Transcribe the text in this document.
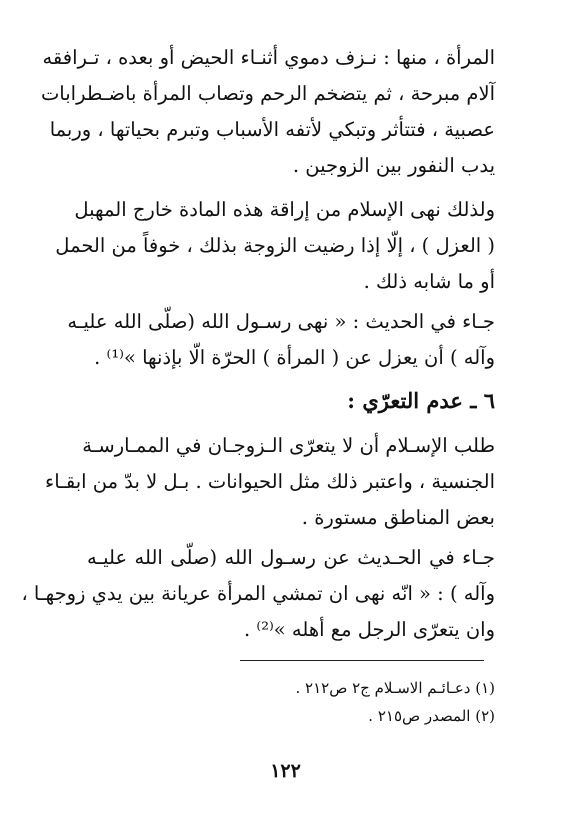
المرأة ، منها : نـزف دموي أثنـاء الحيض أو بعده ، تـرافقه
آلام مبرحة ، ثم يتضخم الرحم وتصاب المرأة باضـطرابات
عصبية ، فتتأثر وتبكي لأتفه الأسباب وتبرم بحياتها ، وربما
يدب النفور بين الزوجين .

ولذلك نهى الإسلام من إراقة هذه المادة خارج المهبل
( العزل ) ، إلّا إذا رضيت الزوجة بذلك ، خوفاً من الحمل
أو ما شابه ذلك .

جـاء في الحديث : « نهى رسـول الله (صلّى الله عليـه
وآله ) أن يعزل عن ( المرأة ) الحرّة الّا بإذنها »⁽¹⁾ .

٦ ـ عدم التعرّي :

طلب الإسـلام أن لا يتعرّى الـزوجـان في الممـارسـة
الجنسية ، واعتبر ذلك مثل الحيوانات . بـل لا بدّ من ابقـاء
بعض المناطق مستورة .

جـاء في الحـديث عن رسـول الله (صلّى الله عليـه
وآله ) : « انّه نهى ان تمشي المرأة عريانة بين يدي زوجهـا ،
وان يتعرّى الرجل مع أهله »⁽²⁾ .

(١) دعـائـم الاسـلام ج٢ ص٢١٢ .

(٢) المصدر ص٢١٥ .

١٢٢
